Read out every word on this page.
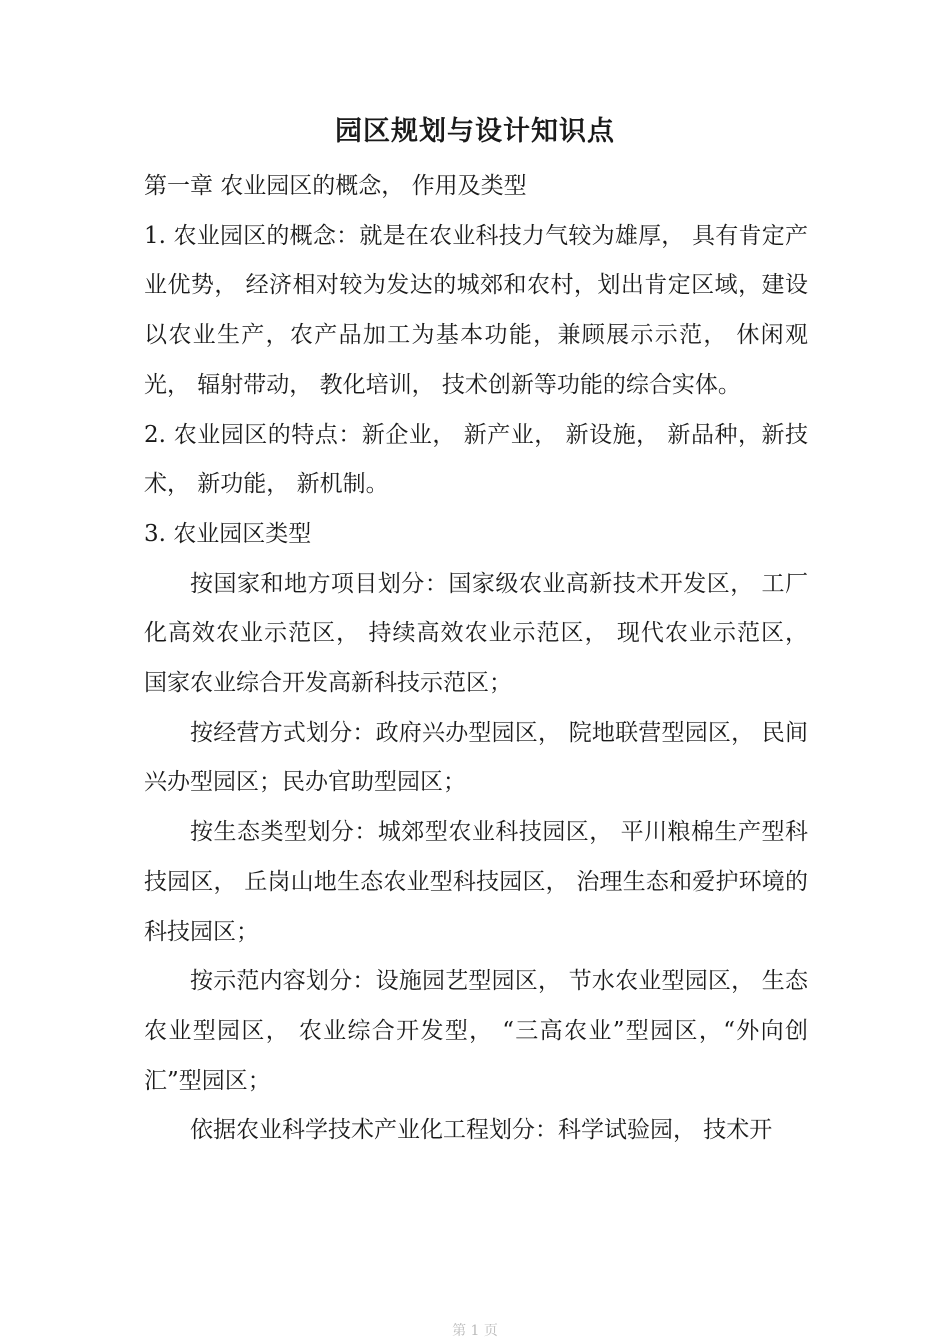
园区规划与设计知识点

第一章 农业园区的概念， 作用及类型

1. 农业园区的概念：就是在农业科技力气较为雄厚， 具有肯定产业优势， 经济相对较为发达的城郊和农村，划出肯定区域，建设以农业生产，农产品加工为基本功能，兼顾展示示范， 休闲观光， 辐射带动， 教化培训， 技术创新等功能的综合实体。

2. 农业园区的特点：新企业， 新产业， 新设施， 新品种，新技术， 新功能， 新机制。

3. 农业园区类型

按国家和地方项目划分：国家级农业高新技术开发区， 工厂化高效农业示范区， 持续高效农业示范区， 现代农业示范区， 国家农业综合开发高新科技示范区；

按经营方式划分：政府兴办型园区， 院地联营型园区， 民间兴办型园区；民办官助型园区；

按生态类型划分：城郊型农业科技园区， 平川粮棉生产型科技园区， 丘岗山地生态农业型科技园区， 治理生态和爱护环境的科技园区；

按示范内容划分：设施园艺型园区， 节水农业型园区， 生态农业型园区， 农业综合开发型， “三高农业”型园区，“外向创汇”型园区；

依据农业科学技术产业化工程划分：科学试验园， 技术开

第 1 页
